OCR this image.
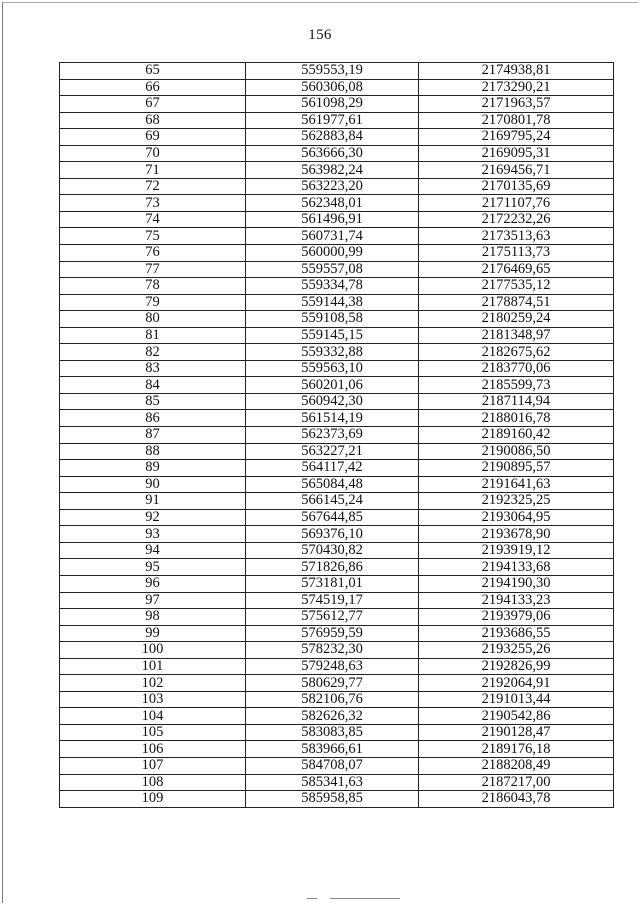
156
65	559553,19	2174938,81
66	560306,08	2173290,21
67	561098,29	2171963,57
68	561977,61	2170801,78
69	562883,84	2169795,24
70	563666,30	2169095,31
71	563982,24	2169456,71
72	563223,20	2170135,69
73	562348,01	2171107,76
74	561496,91	2172232,26
75	560731,74	2173513,63
76	560000,99	2175113,73
77	559557,08	2176469,65
78	559334,78	2177535,12
79	559144,38	2178874,51
80	559108,58	2180259,24
81	559145,15	2181348,97
82	559332,88	2182675,62
83	559563,10	2183770,06
84	560201,06	2185599,73
85	560942,30	2187114,94
86	561514,19	2188016,78
87	562373,69	2189160,42
88	563227,21	2190086,50
89	564117,42	2190895,57
90	565084,48	2191641,63
91	566145,24	2192325,25
92	567644,85	2193064,95
93	569376,10	2193678,90
94	570430,82	2193919,12
95	571826,86	2194133,68
96	573181,01	2194190,30
97	574519,17	2194133,23
98	575612,77	2193979,06
99	576959,59	2193686,55
100	578232,30	2193255,26
101	579248,63	2192826,99
102	580629,77	2192064,91
103	582106,76	2191013,44
104	582626,32	2190542,86
105	583083,85	2190128,47
106	583966,61	2189176,18
107	584708,07	2188208,49
108	585341,63	2187217,00
109	585958,85	2186043,78
